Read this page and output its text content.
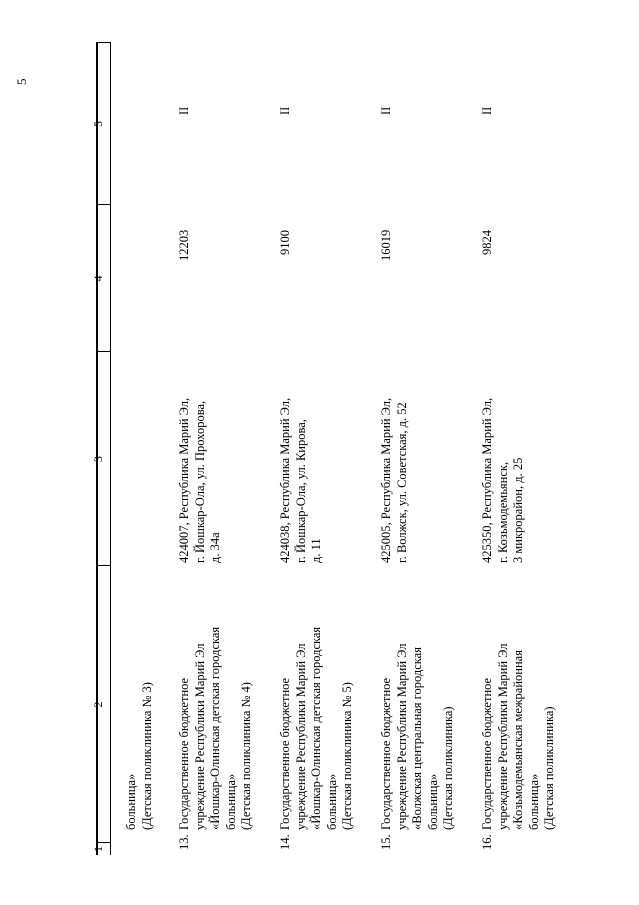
5
1
2
3
4
5
больница» (Детская поликлиника № 3)
13.
Государственное бюджетное учреждение Республики Марий Эл «Йошкар-Олинская детская городская больница» (Детская поликлиника № 4)
424007, Республика Марий Эл, г. Йошкар-Ола, ул. Прохорова, д. 34а
12203
II
14.
Государственное бюджетное учреждение Республики Марий Эл «Йошкар-Олинская детская городская больница» (Детская поликлиника № 5)
424038, Республика Марий Эл, г. Йошкар-Ола, ул. Кирова, д. 11
9100
II
15.
Государственное бюджетное учреждение Республики Марий Эл «Волжская центральная городская больница» (Детская поликлиника)
425005, Республика Марий Эл, г. Волжск, ул. Советская, д. 52
16019
II
16.
Государственное бюджетное учреждение Республики Марий Эл «Козьмодемьянская межрайонная больница» (Детская поликлиника)
425350, Республика Марий Эл, г. Козьмодемьянск, 3 микрорайон, д. 25
9824
II
